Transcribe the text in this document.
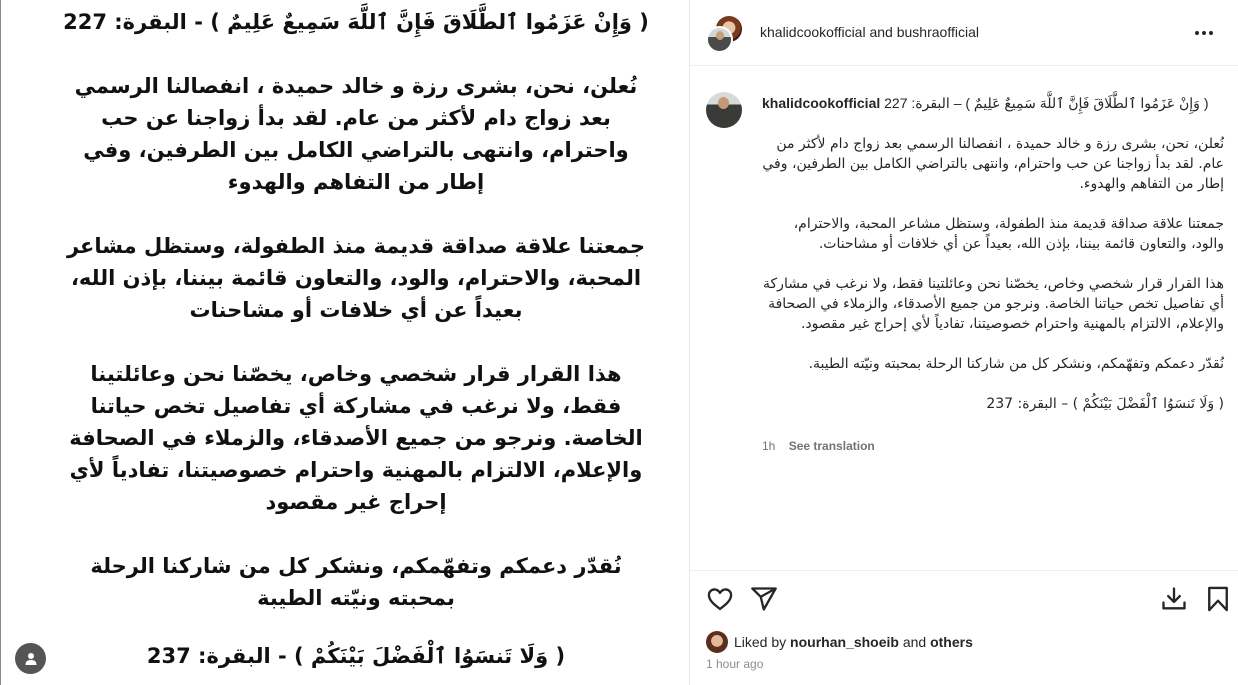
( وَإِنْ عَزَمُوا ٱلطَّلَاقَ فَإِنَّ ٱللَّهَ سَمِيعٌ عَلِيمٌ ) - البقرة: 227
نُعلن، نحن، بشرى رزة و خالد حميدة ، انفصالنا الرسمي بعد زواج دام لأكثر من عام. لقد بدأ زواجنا عن حب واحترام، وانتهى بالتراضي الكامل بين الطرفين، وفي إطار من التفاهم والهدوء
جمعتنا علاقة صداقة قديمة منذ الطفولة، وستظل مشاعر المحبة، والاحترام، والود، والتعاون قائمة بيننا، بإذن الله، بعيداً عن أي خلافات أو مشاحنات
هذا القرار قرار شخصي وخاص، يخصّنا نحن وعائلتينا فقط، ولا نرغب في مشاركة أي تفاصيل تخص حياتنا الخاصة. ونرجو من جميع الأصدقاء، والزملاء في الصحافة والإعلام، الالتزام بالمهنية واحترام خصوصيتنا، تفادياً لأي إحراج غير مقصود
نُقدّر دعمكم وتفهّمكم، ونشكر كل من شاركنا الرحلة بمحبته ونيّته الطيبة
( وَلَا تَنسَوُا ٱلْفَضْلَ بَيْنَكُمْ ) - البقرة: 237
khalidcookofficial and bushraofficial
khalidcookofficial ( وَإِنْ عَزَمُوا ٱلطَّلَاقَ فَإِنَّ ٱللَّهَ سَمِيعٌ عَلِيمٌ ) – البقرة: 227

نُعلن، نحن، بشرى رزة و خالد حميدة ، انفصالنا الرسمي بعد زواج دام لأكثر من عام. لقد بدأ زواجنا عن حب واحترام، وانتهى بالتراضي الكامل بين الطرفين، وفي إطار من التفاهم والهدوء.

جمعتنا علاقة صداقة قديمة منذ الطفولة، وستظل مشاعر المحبة، والاحترام، والود، والتعاون قائمة بيننا، بإذن الله، بعيداً عن أي خلافات أو مشاحنات.

هذا القرار قرار شخصي وخاص، يخصّنا نحن وعائلتينا فقط، ولا نرغب في مشاركة أي تفاصيل تخص حياتنا الخاصة. ونرجو من جميع الأصدقاء، والزملاء في الصحافة والإعلام، الالتزام بالمهنية واحترام خصوصيتنا، تفادياً لأي إحراج غير مقصود.

نُقدّر دعمكم وتفهّمكم، ونشكر كل من شاركنا الرحلة بمحبته ونيّته الطيبة.

( وَلَا تَنسَوُا ٱلْفَضْلَ بَيْنَكُمْ ) – البقرة: 237

1h See translation
Liked by
nourhan_shoeib
and
others
1 hour ago
